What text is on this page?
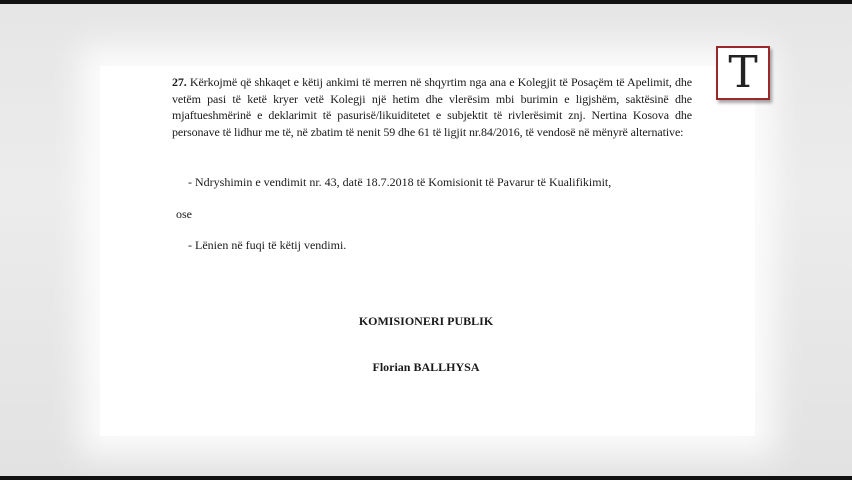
27. Kërkojmë që shkaqet e këtij ankimi të merren në shqyrtim nga ana e Kolegjit të Posaçëm të Apelimit, dhe vetëm pasi të ketë kryer vetë Kolegji një hetim dhe vlerësim mbi burimin e ligjshëm, saktësinë dhe mjaftueshmërinë e deklarimit të pasurisë/likuiditetet e subjektit të rivlerësimit znj. Nertina Kosova dhe personave të lidhur me të, në zbatim të nenit 59 dhe 61 të ligjit nr.84/2016, të vendosë në mënyrë alternative:
- Ndryshimin e vendimit nr. 43, datë 18.7.2018 të Komisionit të Pavarur të Kualifikimit,
ose
- Lënien në fuqi të këtij vendimi.
KOMISIONERI PUBLIK
Florian BALLHYSA
T
